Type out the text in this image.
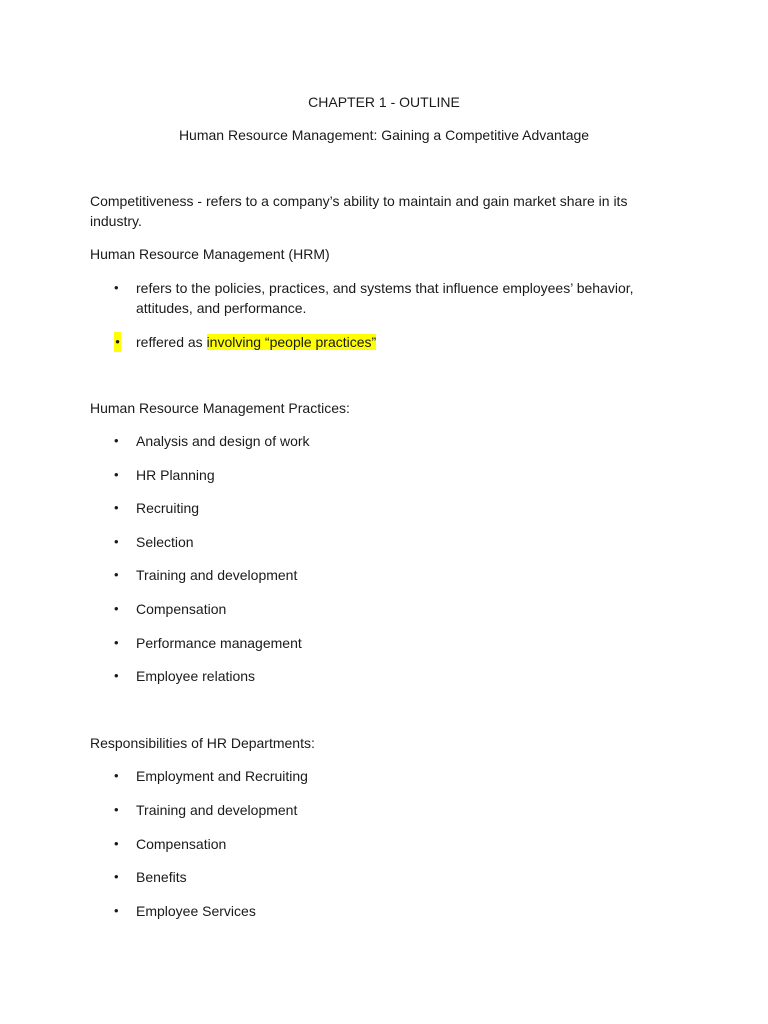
CHAPTER 1 - OUTLINE
Human Resource Management: Gaining a Competitive Advantage
Competitiveness - refers to a company’s ability to maintain and gain market share in its industry.
Human Resource Management (HRM)
• refers to the policies, practices, and systems that influence employees’ behavior, attitudes, and performance.
• reffered as involving “people practices”
Human Resource Management Practices:
• Analysis and design of work
• HR Planning
• Recruiting
• Selection
• Training and development
• Compensation
• Performance management
• Employee relations
Responsibilities of HR Departments:
• Employment and Recruiting
• Training and development
• Compensation
• Benefits
• Employee Services
